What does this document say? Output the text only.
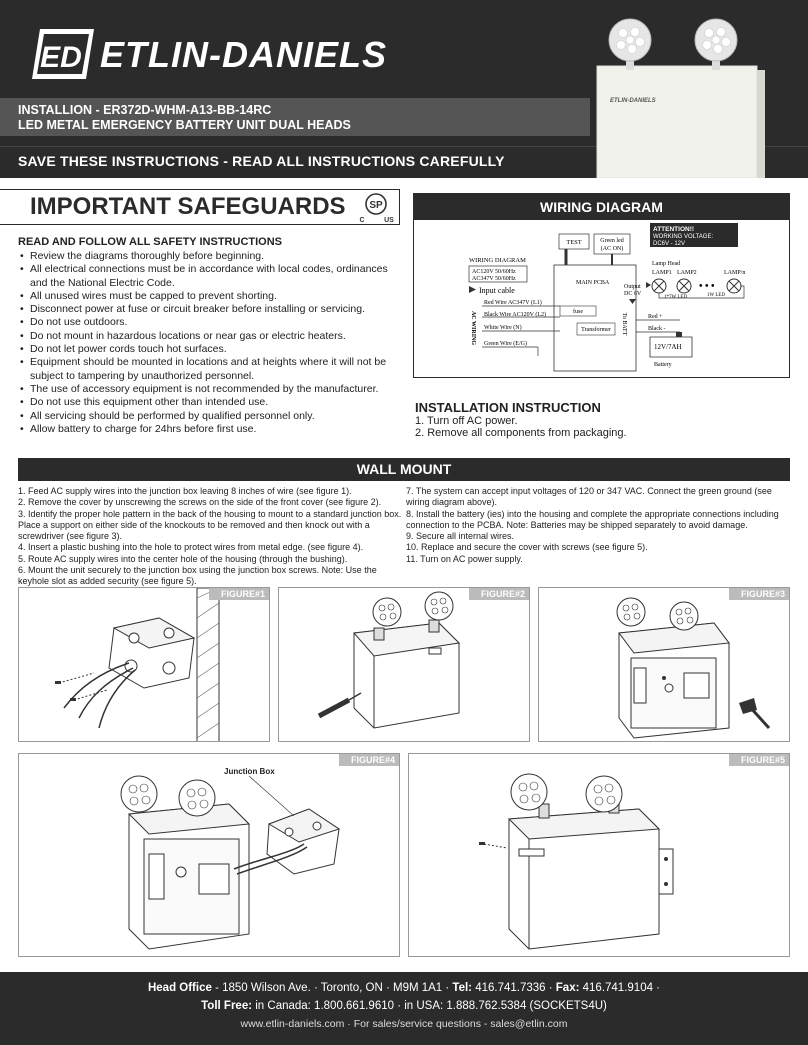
ED ETLIN-DANIELS
INSTALLION - ER372D-WHM-A13-BB-14RC
LED METAL EMERGENCY BATTERY UNIT DUAL HEADS
SAVE THESE INSTRUCTIONS - READ ALL INSTRUCTIONS CAREFULLY
ETLIN-DANIELS
IMPORTANT SAFEGUARDS SP
C	US
READ AND FOLLOW ALL SAFETY INSTRUCTIONS
• Review the diagrams thoroughly before beginning.
• All electrical connections must be in accordance with local codes, ordinances and the National Electric Code.
• All unused wires must be capped to prevent shorting.
• Disconnect power at fuse or circuit breaker before installing or servicing.
• Do not use outdoors.
• Do not mount in hazardous locations or near gas or electric heaters.
• Do not let power cords touch hot surfaces.
• Equipment should be mounted in locations and at heights where it will not be subject to tampering by unauthorized personnel.
• The use of accessory equipment is not recommended by the manufacturer.
• Do not use this equipment other than intended use.
• All servicing should be performed by qualified personnel only.
• Allow battery to charge for 24hrs before first use.
WIRING DIAGRAM
ATTENTION!!
WORKING VOLTAGE:
DC6V - 12V
TEST	Green led
(AC ON)
WIRING DIAGRAM
AC120V 50/60Hz
AC347V 50/60Hz
Input cable
AC WIRING
MAIN PCBA
fuse
Transformer
Red Wire AC347V (L1)
Black Wire AC120V (L2)
White Wire (N)
Green Wire (E/G)
Output
DC 6V
To BATT
Lamp Head
LAMP1 LAMP2	LAMP/n
• • •
1*7W LED	1W LED
Red +
Black -
12V/7AH
Battery
INSTALLATION INSTRUCTION
1. Turn off AC power.
2. Remove all components from packaging.
WALL MOUNT
1. Feed AC supply wires into the junction box leaving 8 inches of wire (see figure 1).
2. Remove the cover by unscrewing the screws on the side of the front cover (see figure 2).
3. Identify the proper hole pattern in the back of the housing to mount to a standard junction box. Place a support on either side of the knockouts to be removed and then knock out with a screwdriver (see figure 3).
4. Insert a plastic bushing into the hole to protect wires from metal edge. (see figure 4).
5. Route AC supply wires into the center hole of the housing (through the bushing).
6. Mount the unit securely to the junction box using the junction box screws. Note: Use the keyhole slot as added security (see figure 5).
7. The system can accept input voltages of 120 or 347 VAC. Connect the green ground (see wiring diagram above).
8. Install the battery (ies) into the housing and complete the appropriate connections including connection to the PCBA. Note: Batteries may be shipped separately to avoid damage.
9. Secure all internal wires.
10. Replace and secure the cover with screws (see figure 5).
11. Turn on AC power supply.
FIGURE#1	FIGURE#2	FIGURE#3
Junction Box
FIGURE#4	FIGURE#5
Head Office - 1850 Wilson Ave. · Toronto, ON · M9M 1A1 · Tel: 416.741.7336 · Fax: 416.741.9104 ·
Toll Free: in Canada: 1.800.661.9610 · in USA: 1.888.762.5384 (SOCKETS4U)
www.etlin-daniels.com · For sales/service questions - sales@etlin.com
